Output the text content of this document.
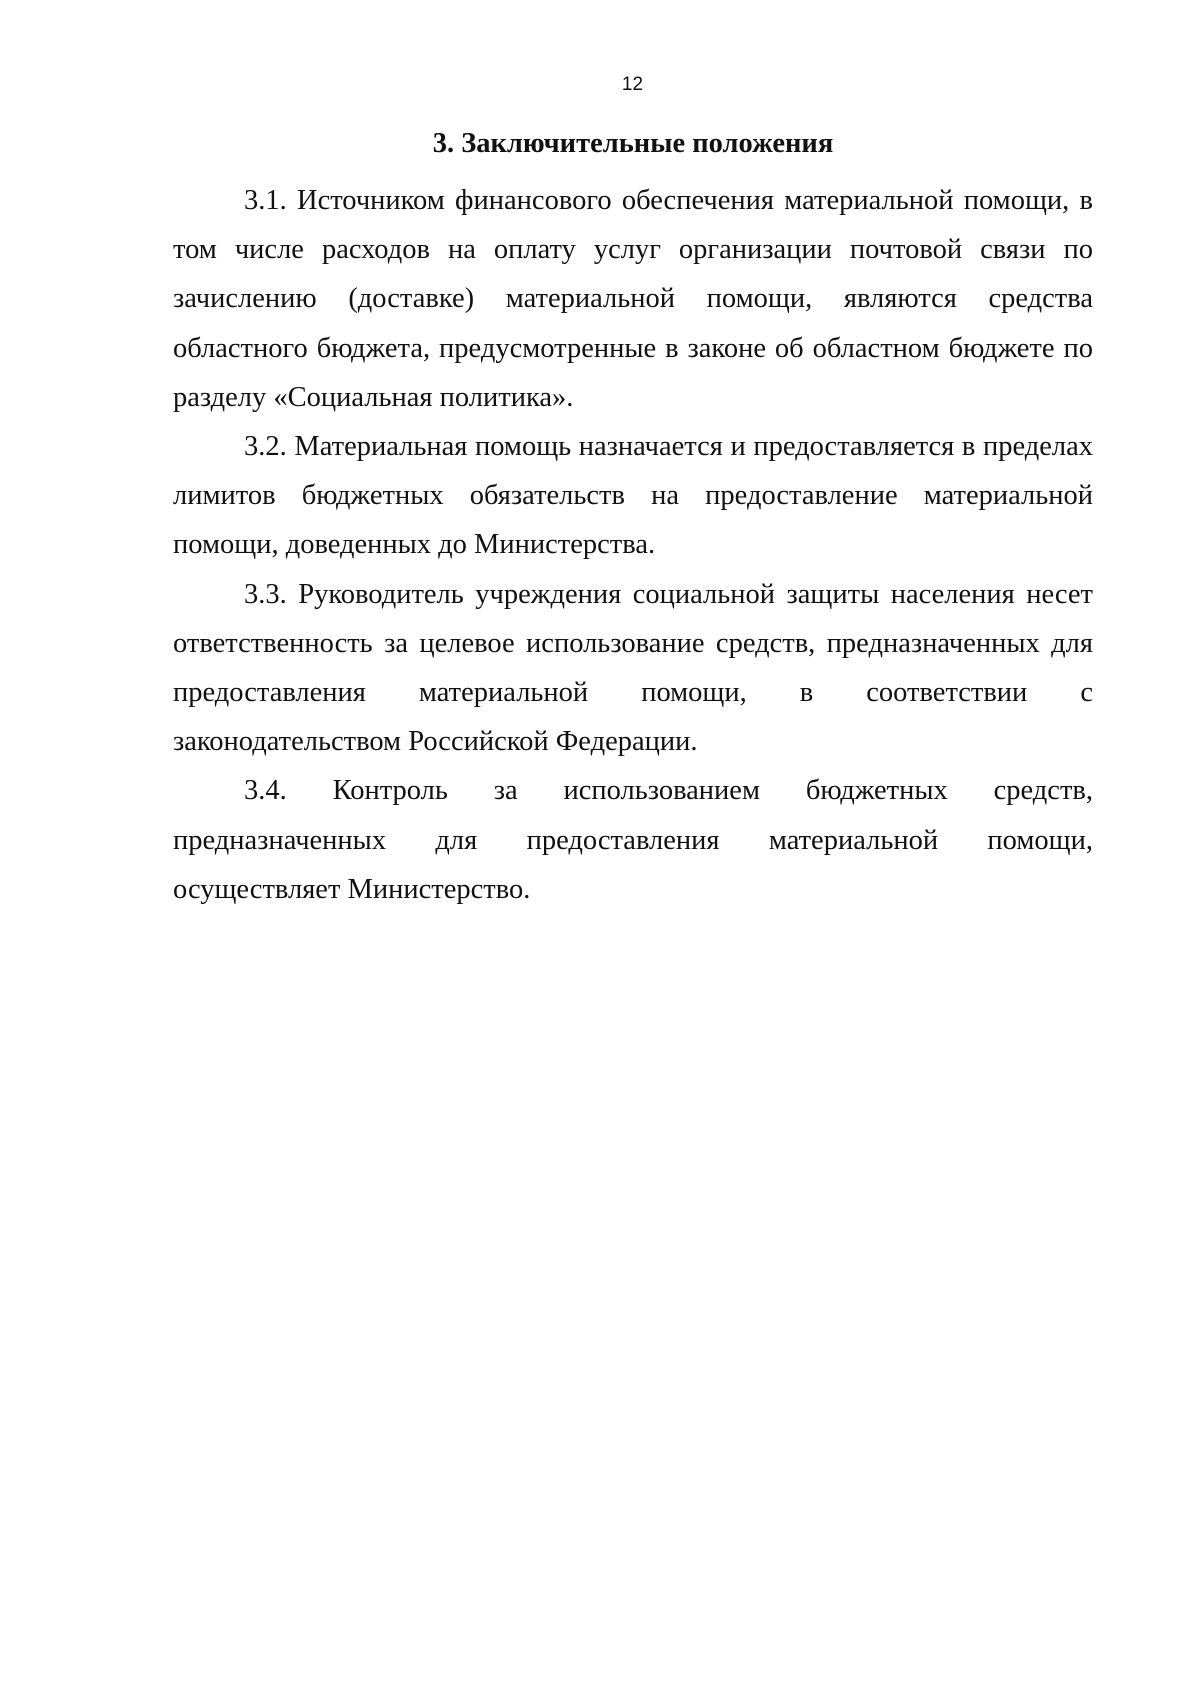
12
3. Заключительные положения

3.1. Источником финансового обеспечения материальной помощи, в том числе расходов на оплату услуг организации почтовой связи по зачислению (доставке) материальной помощи, являются средства областного бюджета, предусмотренные в законе об областном бюджете по разделу «Социальная политика».

3.2. Материальная помощь назначается и предоставляется в пределах лимитов бюджетных обязательств на предоставление материальной помощи, доведенных до Министерства.

3.3. Руководитель учреждения социальной защиты населения несет ответственность за целевое использование средств, предназначенных для предоставления материальной помощи, в соответствии с законодательством Российской Федерации.

3.4. Контроль за использованием бюджетных средств, предназначенных для предоставления материальной помощи, осуществляет Министерство.
